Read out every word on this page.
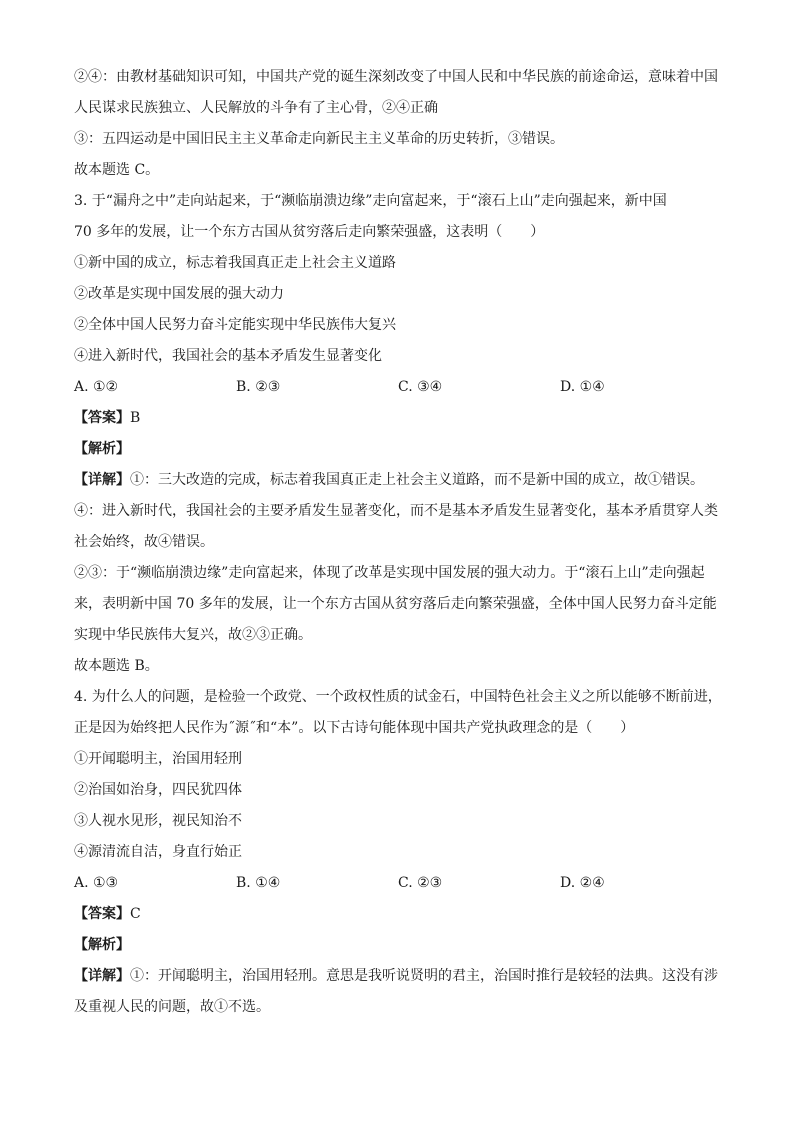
②④：由教材基础知识可知，中国共产党的诞生深刻改变了中国人民和中华民族的前途命运，意味着中国
人民谋求民族独立、人民解放的斗争有了主心骨，②④正确
③：五四运动是中国旧民主主义革命走向新民主主义革命的历史转折，③错误。
故本题选 C。
3. 于“漏舟之中”走向站起来，于“濒临崩溃边缘”走向富起来，于“滚石上山”走向强起来，新中国
70 多年的发展，让一个东方古国从贫穷落后走向繁荣强盛，这表明（　　）
①新中国的成立，标志着我国真正走上社会主义道路
②改革是实现中国发展的强大动力
②全体中国人民努力奋斗定能实现中华民族伟大复兴
④进入新时代，我国社会的基本矛盾发生显著变化
A. ①②	B. ②③	C. ③④	D. ①④
【答案】B
【解析】
【详解】①：三大改造的完成，标志着我国真正走上社会主义道路，而不是新中国的成立，故①错误。
④：进入新时代，我国社会的主要矛盾发生显著变化，而不是基本矛盾发生显著变化，基本矛盾贯穿人类
社会始终，故④错误。
②③：于“濒临崩溃边缘”走向富起来，体现了改革是实现中国发展的强大动力。于“滚石上山”走向强起
来，表明新中国 70 多年的发展，让一个东方古国从贫穷落后走向繁荣强盛，全体中国人民努力奋斗定能
实现中华民族伟大复兴，故②③正确。
故本题选 B。
4. 为什么人的问题，是检验一个政党、一个政权性质的试金石，中国特色社会主义之所以能够不断前进，
正是因为始终把人民作为˝源˝和“本”。以下古诗句能体现中国共产党执政理念的是（　　）
①开闻聪明主，治国用轻刑
②治国如治身，四民犹四体
③人视水见形，视民知治不
④源清流自洁，身直行始正
A. ①③	B. ①④	C. ②③	D. ②④
【答案】C
【解析】
【详解】①：开闻聪明主，治国用轻刑。意思是我听说贤明的君主，治国时推行是较轻的法典。这没有涉
及重视人民的问题，故①不选。
